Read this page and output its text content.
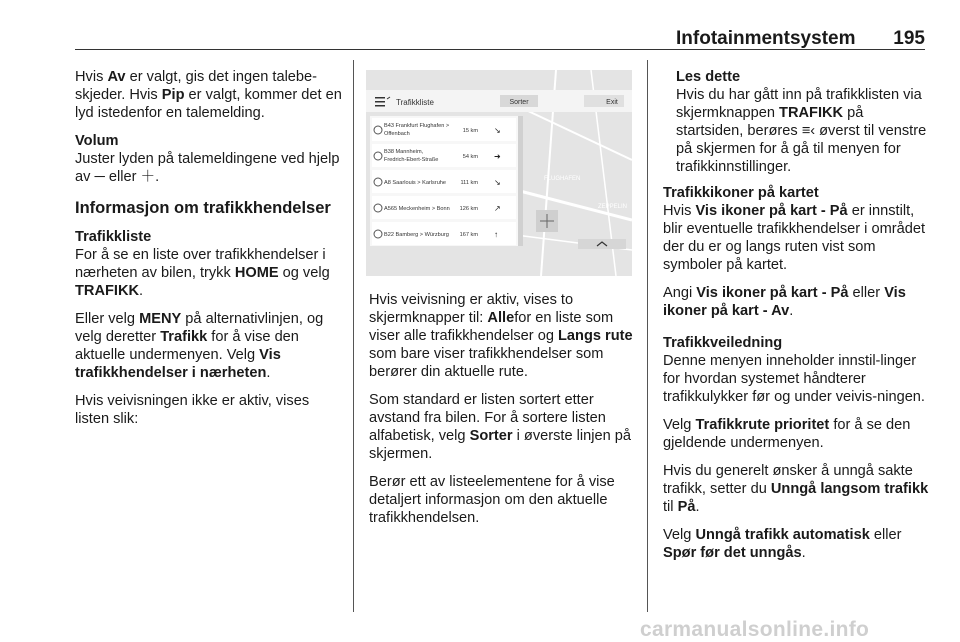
Infotainmentsystem 195

Hvis Av er valgt, gis det ingen talebe-skjeder. Hvis Pip er valgt, kommer det en lyd istedenfor en talemelding.

Volum
Juster lyden på talemeldingene ved hjelp av ─ eller ＋.
Informasjon om trafikkhendelser
Trafikkliste

For å se en liste over trafikkhendelser i nærheten av bilen, trykk HOME og velg TRAFIKK.

Eller velg MENY på alternativlinjen, og velg deretter Trafikk for å vise den aktuelle undermenyen. Velg Vis trafikkhendelser i nærheten.

Hvis veivisningen ikke er aktiv, vises listen slik:

FLUGHAFEN
ZEPPELIN
Trafikkliste	Sorter	Exit
B43 Frankfurt Flughafen >
Offenbach	15 km ↘
B38 Mannheim,
Fredrich-Ebert-Straße	54 km ➜
A8 Saarlouis > Karlsruhe	111 km ↘
A565 Meckenheim > Bonn 126 km ↗
B22 Bamberg > Würzburg 167 km ↑

Hvis veivisning er aktiv, vises to skjermknapper til: Allefor en liste som viser alle trafikkhendelser og Langs rute som bare viser trafikkhendelser som berører din aktuelle rute.

Som standard er listen sortert etter avstand fra bilen. For å sortere listen alfabetisk, velg Sorter i øverste linjen på skjermen.

Berør ett av listeelementene for å vise detaljert informasjon om den aktuelle trafikkhendelsen.

Les dette

Hvis du har gått inn på trafikklisten via skjermknappen TRAFIKK på startsiden, berøres ≡‹ øverst til venstre på skjermen for å gå til menyen for trafikkinnstillinger.

Trafikkikoner på kartet

Hvis Vis ikoner på kart - På er innstilt, blir eventuelle trafikkhendelser i området der du er og langs ruten vist som symboler på kartet.

Angi Vis ikoner på kart - På eller Vis ikoner på kart - Av.

Trafikkveiledning

Denne menyen inneholder innstil-linger for hvordan systemet håndterer trafikkulykker før og under veivis-ningen.

Velg Trafikkrute prioritet for å se den gjeldende undermenyen.

Hvis du generelt ønsker å unngå sakte trafikk, setter du Unngå langsom trafikk til På.

Velg Unngå trafikk automatisk eller Spør før det unngås.

carmanualsonline.info
